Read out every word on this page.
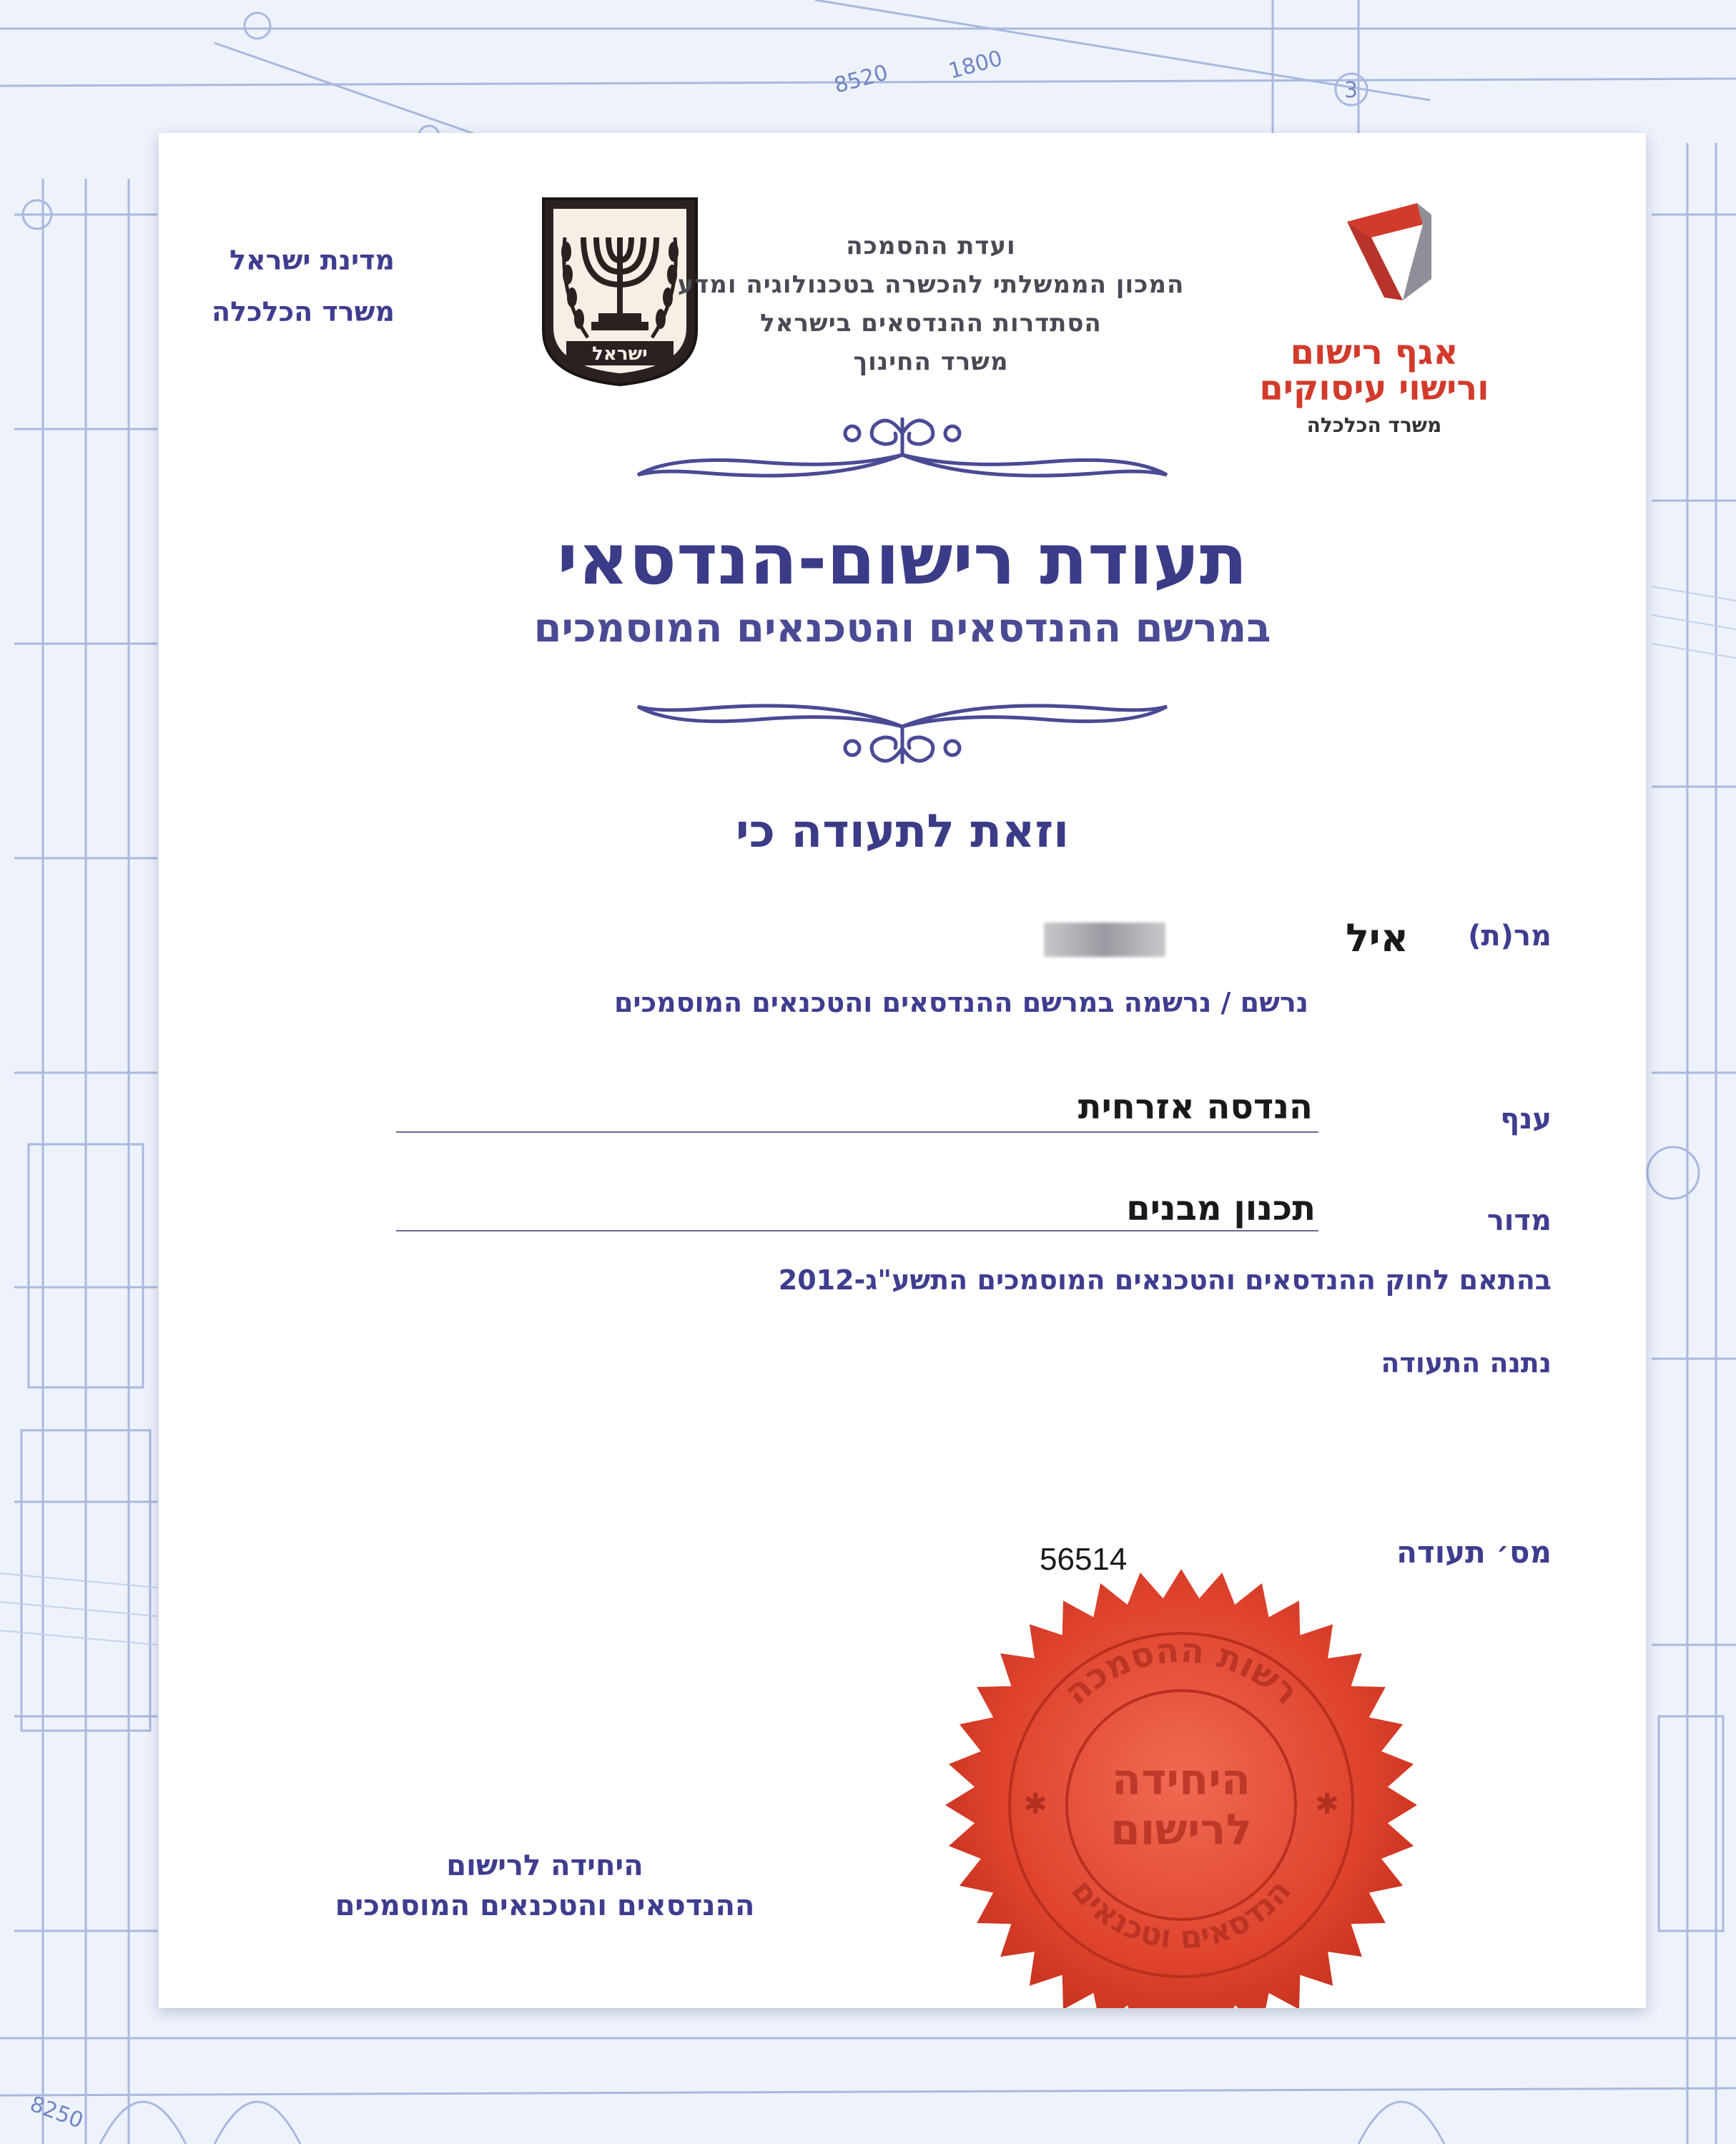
8520	1800
3
8250
מדינת ישראל
משרד הכלכלה
ישראל
ועדת ההסמכה
המכון הממשלתי להכשרה בטכנולוגיה ומדע
הסתדרות ההנדסאים בישראל
משרד החינוך	אגף רישום
ורישוי עיסוקים
משרד הכלכלה
תעודת רישום-הנדסאי
במרשם ההנדסאים והטכנאים המוסמכים
וזאת לתעודה כי
מר(ת)
איל
נרשם / נרשמה במרשם ההנדסאים והטכנאים המוסמכים
ענף
הנדסה אזרחית
מדור
תכנון מבנים
בהתאם לחוק ההנדסאים והטכנאים המוסמכים התשע"ג-2012
נתנה התעודה
מס׳ תעודה
56514
היחידה לרישום
ההנדסאים והטכנאים המוסמכים
רשות ההסמכה
הנדסאים וטכנאים
היחידה
לרישום
✱	✱
